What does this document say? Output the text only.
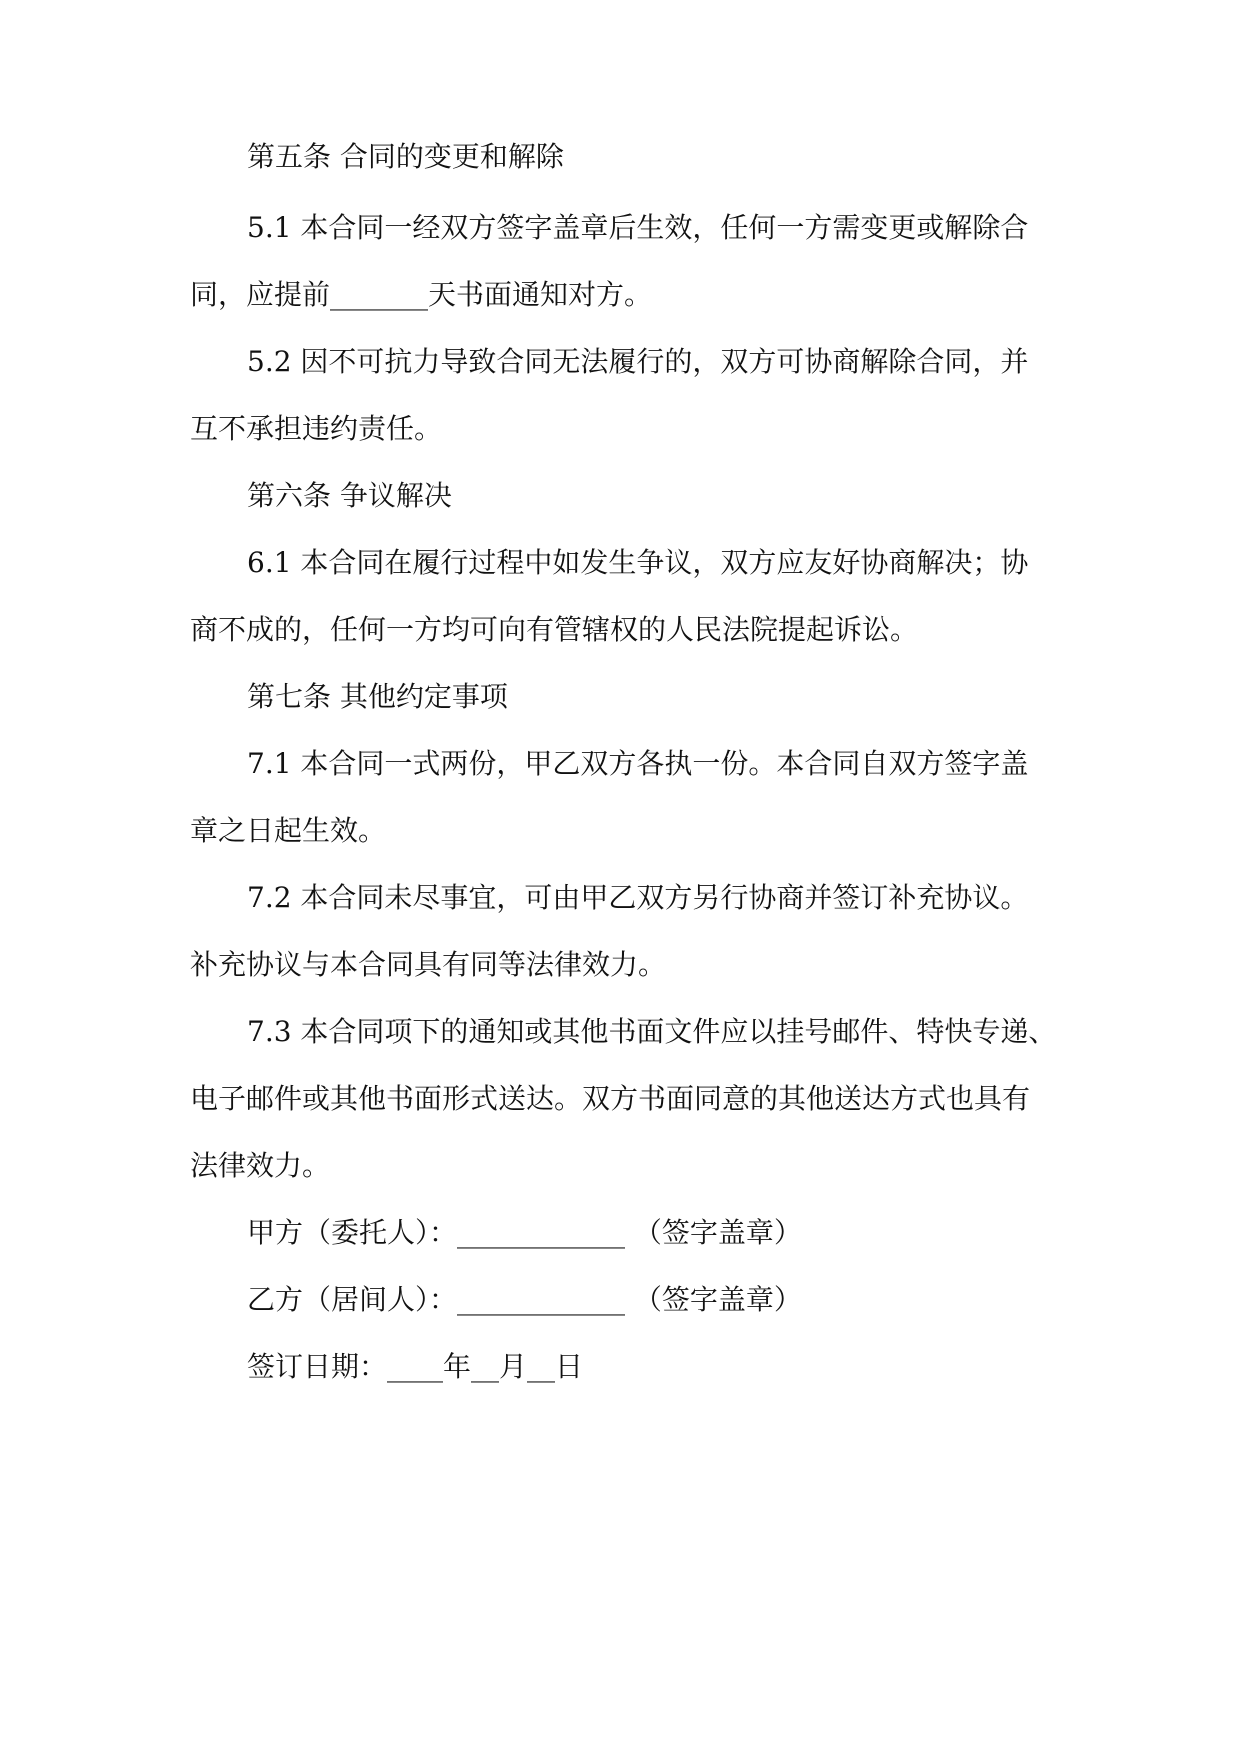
第五条 合同的变更和解除
5.1 本合同一经双方签字盖章后生效，任何一方需变更或解除合
同，应提前_______天书面通知对方。
5.2 因不可抗力导致合同无法履行的，双方可协商解除合同，并
互不承担违约责任。
第六条 争议解决
6.1 本合同在履行过程中如发生争议，双方应友好协商解决；协
商不成的，任何一方均可向有管辖权的人民法院提起诉讼。
第七条 其他约定事项
7.1 本合同一式两份，甲乙双方各执一份。本合同自双方签字盖
章之日起生效。
7.2 本合同未尽事宜，可由甲乙双方另行协商并签订补充协议。
补充协议与本合同具有同等法律效力。
7.3 本合同项下的通知或其他书面文件应以挂号邮件、特快专递、
电子邮件或其他书面形式送达。双方书面同意的其他送达方式也具有
法律效力。
甲方（委托人）：____________ （签字盖章）
乙方（居间人）：____________ （签字盖章）
签订日期：____年__月__日
